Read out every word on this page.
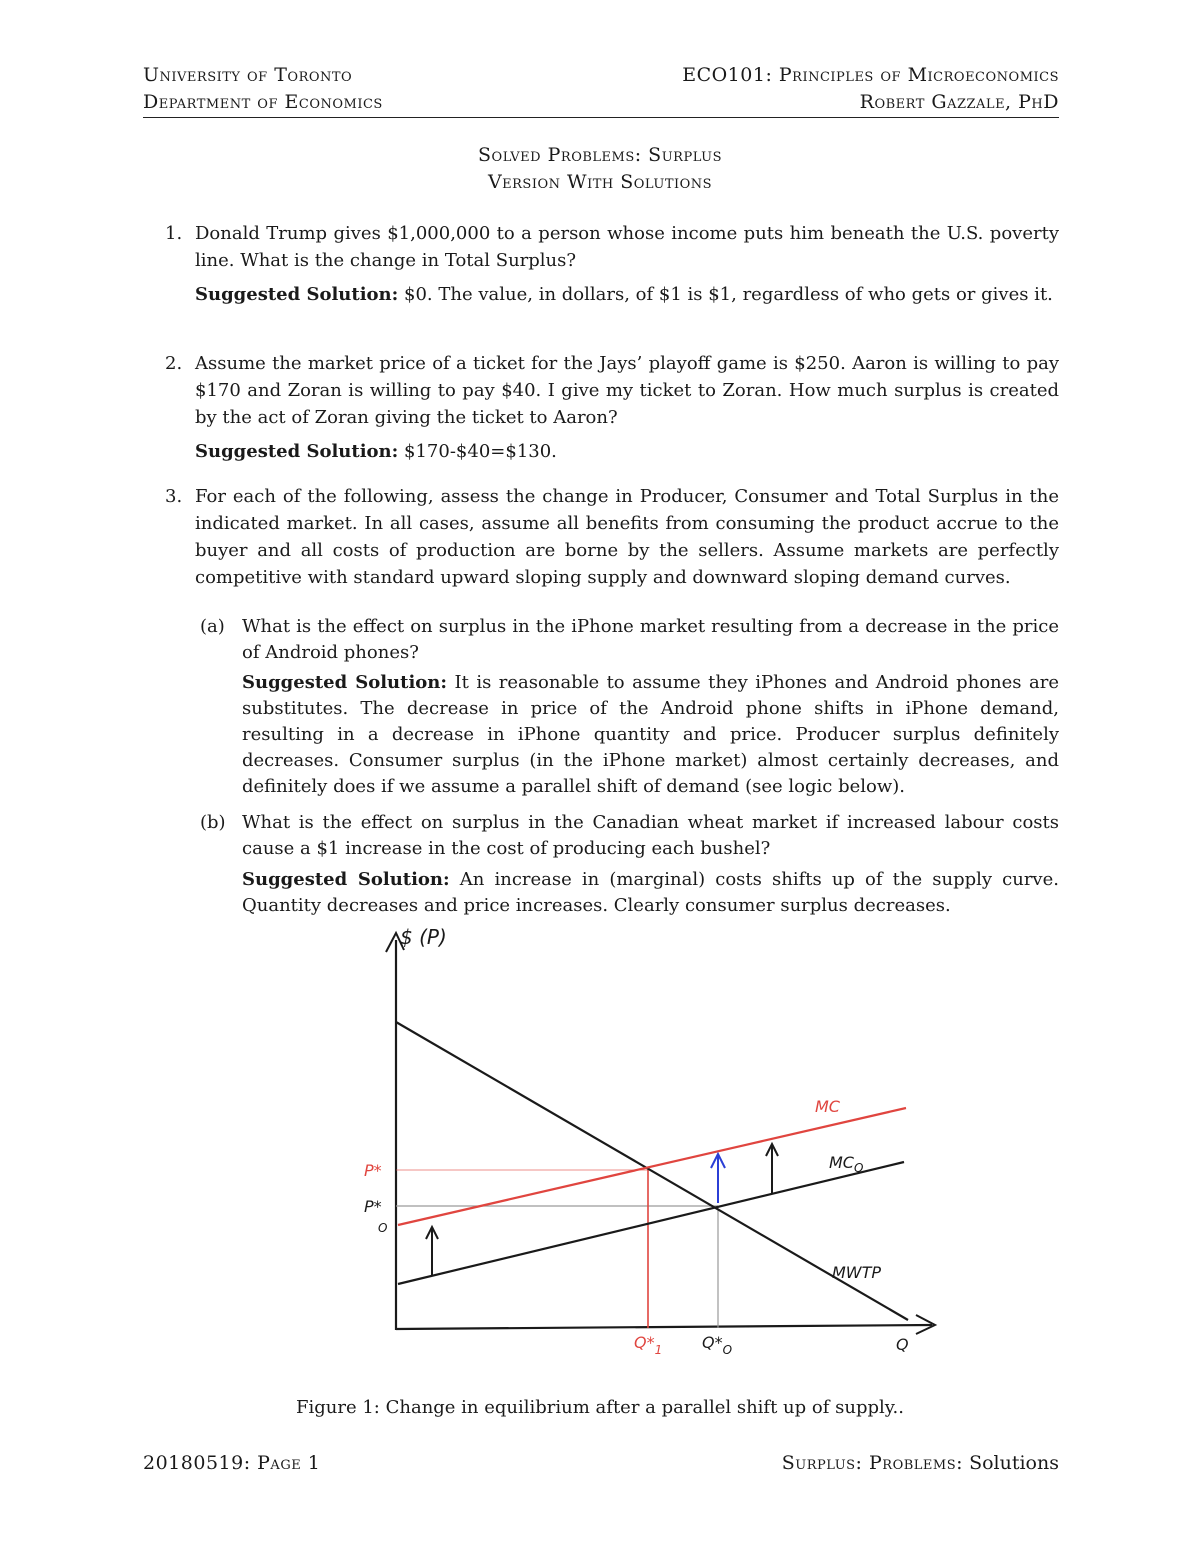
University of Toronto
Department of Economics
ECO101: Principles of Microeconomics
Robert Gazzale, PhD
Solved Problems: Surplus
Version With Solutions
1. Donald Trump gives $1,000,000 to a person whose income puts him beneath the U.S. poverty line. What is the change in Total Surplus?
Suggested Solution: $0. The value, in dollars, of $1 is $1, regardless of who gets or gives it.
2. Assume the market price of a ticket for the Jays’ playoff game is $250. Aaron is willing to pay $170 and Zoran is willing to pay $40. I give my ticket to Zoran. How much surplus is created by the act of Zoran giving the ticket to Aaron?
Suggested Solution: $170-$40=$130.
3. For each of the following, assess the change in Producer, Consumer and Total Surplus in the indicated market. In all cases, assume all benefits from consuming the product accrue to the buyer and all costs of production are borne by the sellers. Assume markets are perfectly competitive with standard upward sloping supply and downward sloping demand curves.
(a) What is the effect on surplus in the iPhone market resulting from a decrease in the price of Android phones?
Suggested Solution: It is reasonable to assume they iPhones and Android phones are substitutes. The decrease in price of the Android phone shifts in iPhone demand, resulting in a decrease in iPhone quantity and price. Producer surplus definitely decreases. Consumer surplus (in the iPhone market) almost certainly decreases, and definitely does if we assume a parallel shift of demand (see logic below).
(b) What is the effect on surplus in the Canadian wheat market if increased labour costs cause a $1 increase in the cost of producing each bushel?
Suggested Solution: An increase in (marginal) costs shifts up of the supply curve. Quantity decreases and price increases. Clearly consumer surplus decreases.
$ (P)
Q
MC
$MC_O$
MWTP
P*
P*
O
$Q*_1$ $Q*_O$
Figure 1: Change in equilibrium after a parallel shift up of supply..
20180519: Page 1	Surplus: Problems: Solutions
